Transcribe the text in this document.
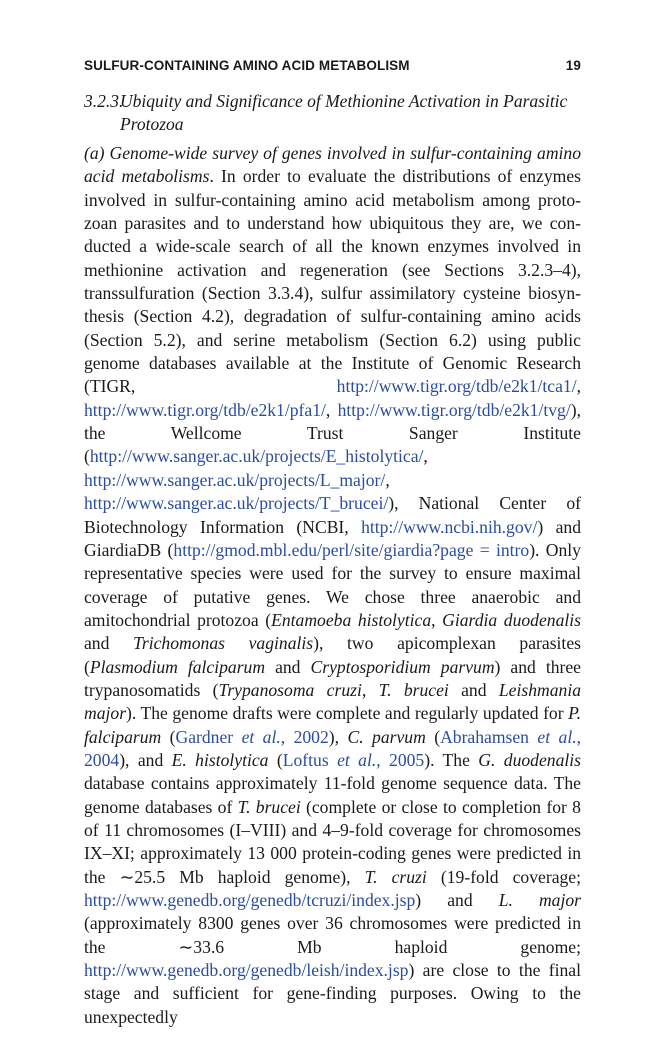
SULFUR-CONTAINING AMINO ACID METABOLISM	19
3.2.3.
Ubiquity and Significance of Methionine Activation in Parasitic
Protozoa

(a) Genome-wide survey of genes involved in sulfur-containing amino acid metabolisms. In order to evaluate the distributions of enzymes involved in sulfur-containing amino acid metabolism among protozoan parasites and to understand how ubiquitous they are, we conducted a wide-scale search of all the known enzymes involved in methionine activation and regeneration (see Sections 3.2.3–4), transsulfuration (Section 3.3.4), sulfur assimilatory cysteine biosynthesis (Section 4.2), degradation of sulfur-containing amino acids (Section 5.2), and serine metabolism (Section 6.2) using public genome databases available at the Institute of Genomic Research (TIGR, http://www.tigr.org/tdb/e2k1/tca1/, http://www.tigr.org/tdb/e2k1/pfa1/, http://www.tigr.org/tdb/e2k1/tvg/), the Wellcome Trust Sanger Institute (http://www.sanger.ac.uk/projects/E_histolytica/, http://www.sanger.ac.uk/projects/L_major/, http://www.sanger.ac.uk/projects/T_brucei/), National Center of Biotechnology Information (NCBI, http://www.ncbi.nih.gov/) and GiardiaDB (http://gmod.mbl.edu/perl/site/giardia?page = intro). Only representative species were used for the survey to ensure maximal coverage of putative genes. We chose three anaerobic and amitochondrial protozoa (Entamoeba histolytica, Giardia duodenalis and Trichomonas vaginalis), two apicomplexan parasites (Plasmodium falciparum and Cryptosporidium parvum) and three trypanosomatids (Trypanosoma cruzi, T. brucei and Leishmania major). The genome drafts were complete and regularly updated for P. falciparum (Gardner et al., 2002), C. parvum (Abrahamsen et al., 2004), and E. histolytica (Loftus et al., 2005). The G. duodenalis database contains approximately 11-fold genome sequence data. The genome databases of T. brucei (complete or close to completion for 8 of 11 chromosomes (I–VIII) and 4–9-fold coverage for chromosomes IX–XI; approximately 13 000 protein-coding genes were predicted in the ∼25.5 Mb haploid genome), T. cruzi (19-fold coverage; http://www.genedb.org/genedb/tcruzi/index.jsp) and L. major (approximately 8300 genes over 36 chromosomes were predicted in the ∼33.6 Mb haploid genome; http://www.genedb.org/genedb/leish/index.jsp) are close to the final stage and sufficient for gene-finding purposes. Owing to the unexpectedly
